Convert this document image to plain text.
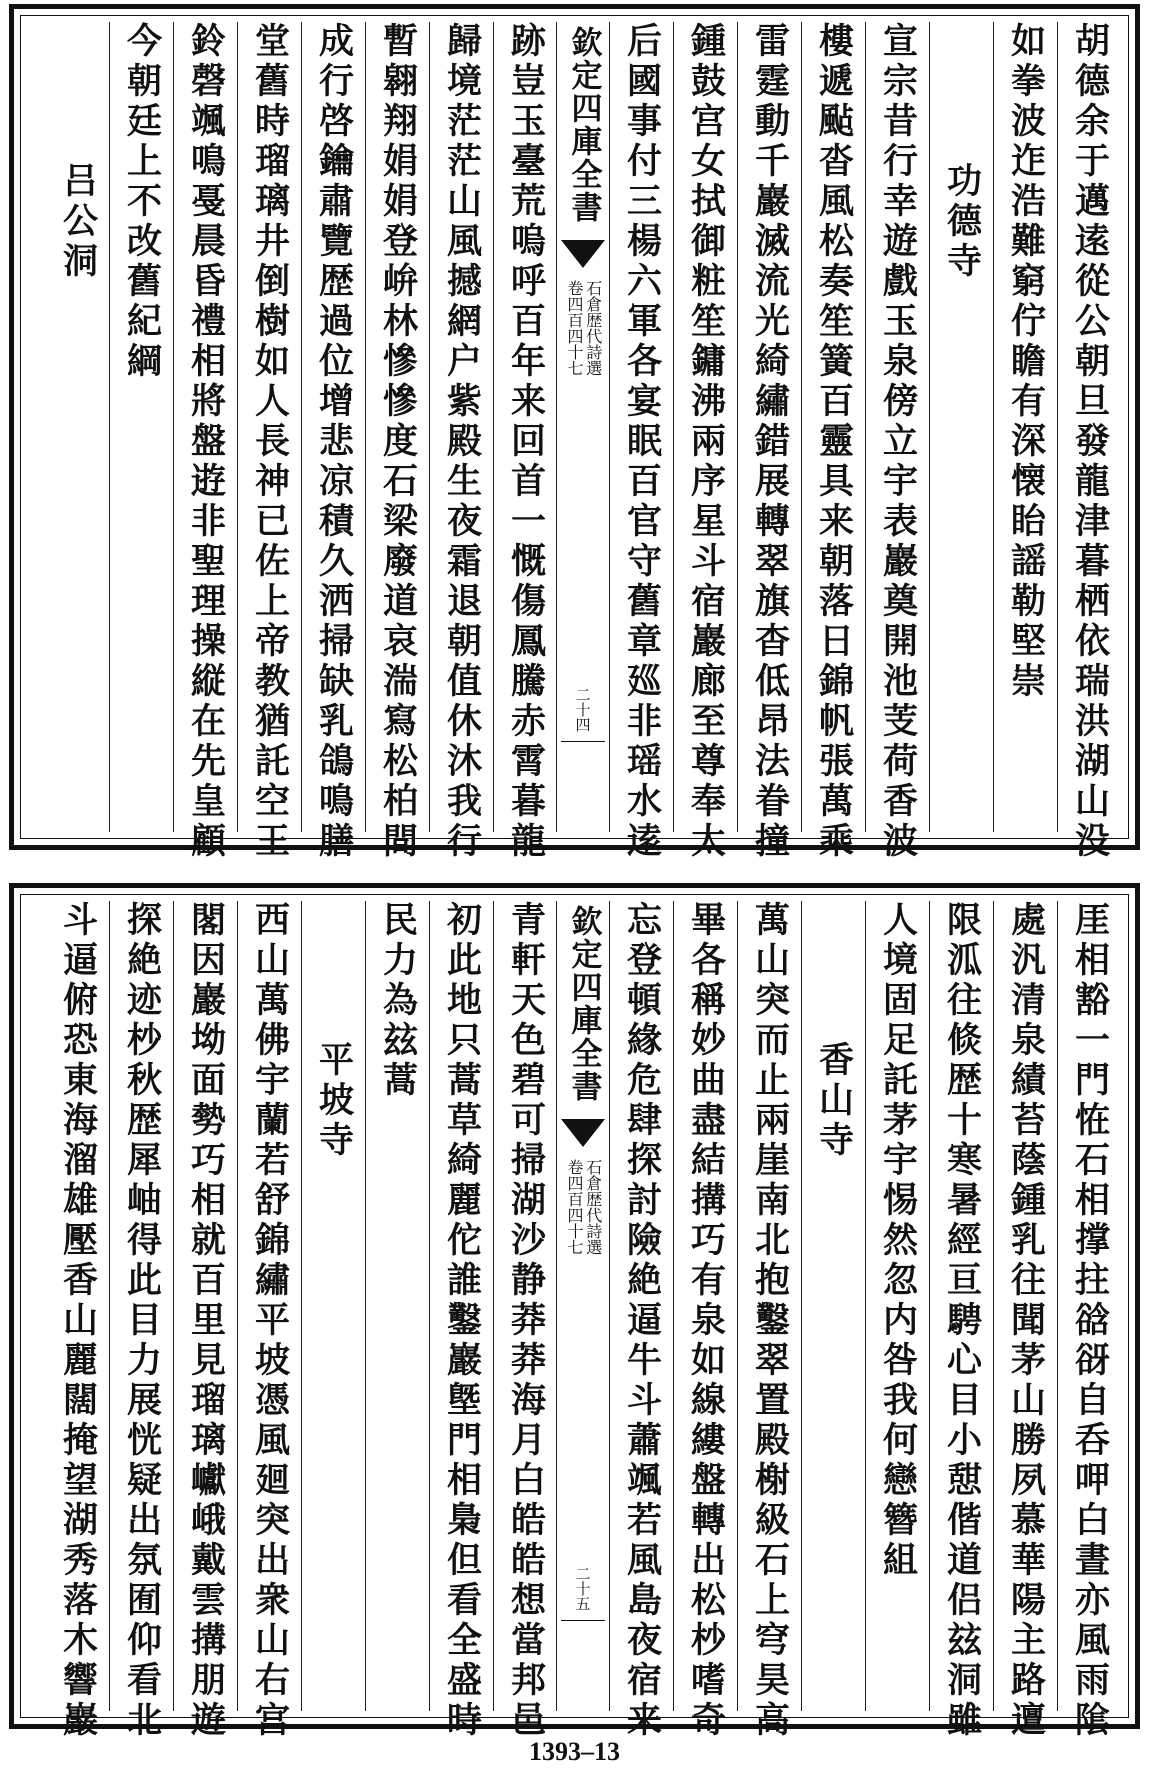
胡德余于邁逺從公朝旦發龍津暮栖依瑞洪湖山没
如拳波迮浩難窮佇瞻有深懐眙謡勒堅崇
功德寺
宣宗昔行幸遊戲玉泉傍立宇表巖奠開池芰荷香波
樓遞颭沓風松奏笙簧百靈具来朝落日錦帆張萬乘
雷霆動千巖滅流光綺繡錯展轉翠旗杳低昂法眷撞
鍾鼓宫女拭御粧笙鏞沸兩序星斗宿巖廊至尊奉太
后國事付三楊六軍各宴眠百官守舊章廵非瑶水逺
欽定四庫全書
石倉歴代詩選
卷四百四十七
二十四
跡豈玉臺荒嗚呼百年来回首一慨傷鳳騰赤霄暮龍
歸境茫茫山風撼網户紫殿生夜霜退朝值休沐我行
暫翱翔娟娟登峅林慘慘度石梁廢道哀湍寫松柏間
成行啓鑰肅覽歴過位增悲凉積久洒掃缺乳鴿鳴膳
堂舊時瑠璃井倒樹如人長神已佐上帝教猶託空王
鈴磬颯鳴戞晨昏禮相將盤逰非聖理操縦在先皇顧
今朝廷上不改舊紀綱
吕公洞
厓相豁一門恠石相撑拄谽谺自呑呷白晝亦風雨隂
處汎清泉績苔蔭鍾乳往聞茅山勝夙慕華陽主路邅
限泒往倐歴十寒暑經亘騁心目小憇偕道侣玆洞雖
人境固足託茅宇惕然忽内咎我何戀簪組
香山寺
萬山突而止兩崖南北抱鑿翠置殿榭級石上穹昊高
畢各稱妙曲盡結搆巧有泉如線縷盤轉出松杪嗜奇
忘登頓緣危肆探討險絶逼牛斗蕭颯若風島夜宿来
欽定四庫全書
石倉歴代詩選
卷四百四十七
二十五
青軒天色碧可掃湖沙静莽莽海月白皓皓想當邦邑
初此地只蒿草綺麗佗誰鑿巖墍門相梟但看全盛時
民力為玆蒿
平坡寺
西山萬佛宇蘭若舒錦繡平坡憑風廻突出衆山右宫
閣因巖坳面勢巧相就百里見瑠璃巘峨戴雲搆朋遊
探絶迹杪秋歴犀岫得此目力展恍疑出氛囿仰看北
斗逼俯恐東海溜雄壓香山麗闊掩望湖秀落木響巖
1393–13
